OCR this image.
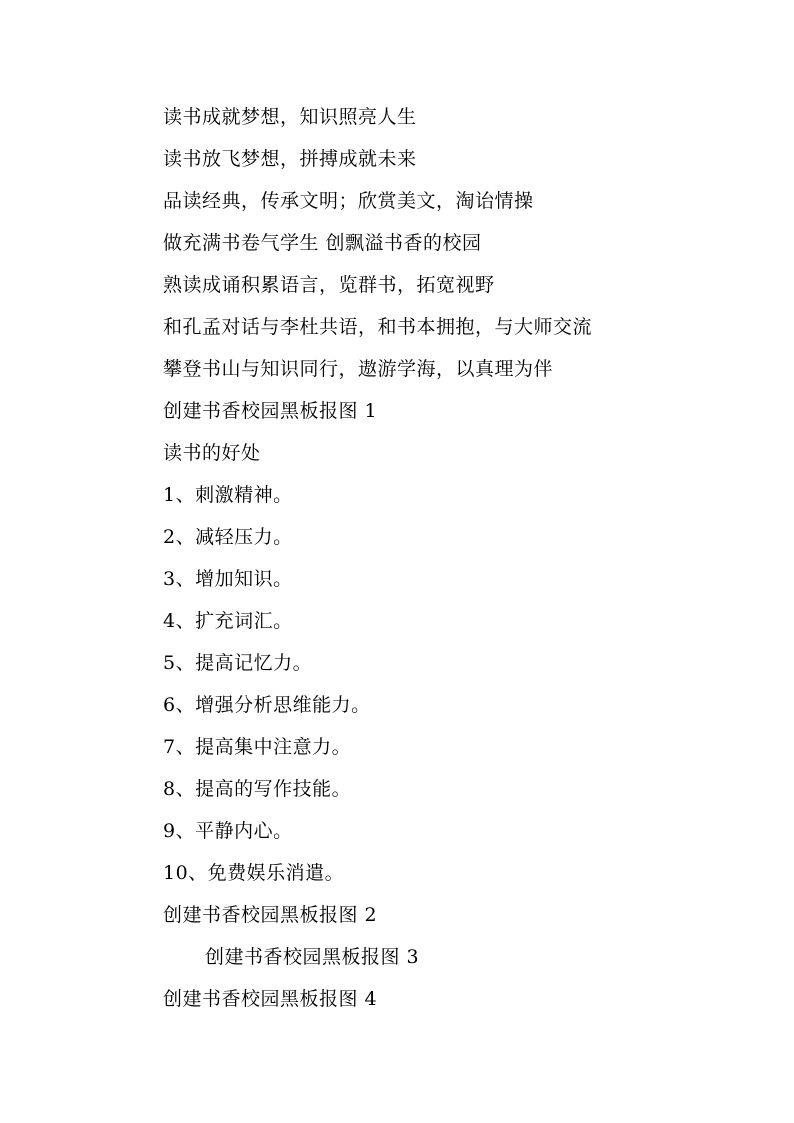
读书成就梦想，知识照亮人生
读书放飞梦想，拼搏成就未来
品读经典，传承文明；欣赏美文，淘诒情操
做充满书卷气学生 创飘溢书香的校园
熟读成诵积累语言，览群书，拓宽视野
和孔孟对话与李杜共语，和书本拥抱，与大师交流
攀登书山与知识同行，遨游学海，以真理为伴
创建书香校园黑板报图 1
读书的好处
1、刺激精神。
2、减轻压力。
3、增加知识。
4、扩充词汇。
5、提高记忆力。
6、增强分析思维能力。
7、提高集中注意力。
8、提高的写作技能。
9、平静内心。
10、免费娱乐消遣。
创建书香校园黑板报图 2
创建书香校园黑板报图 3
创建书香校园黑板报图 4
